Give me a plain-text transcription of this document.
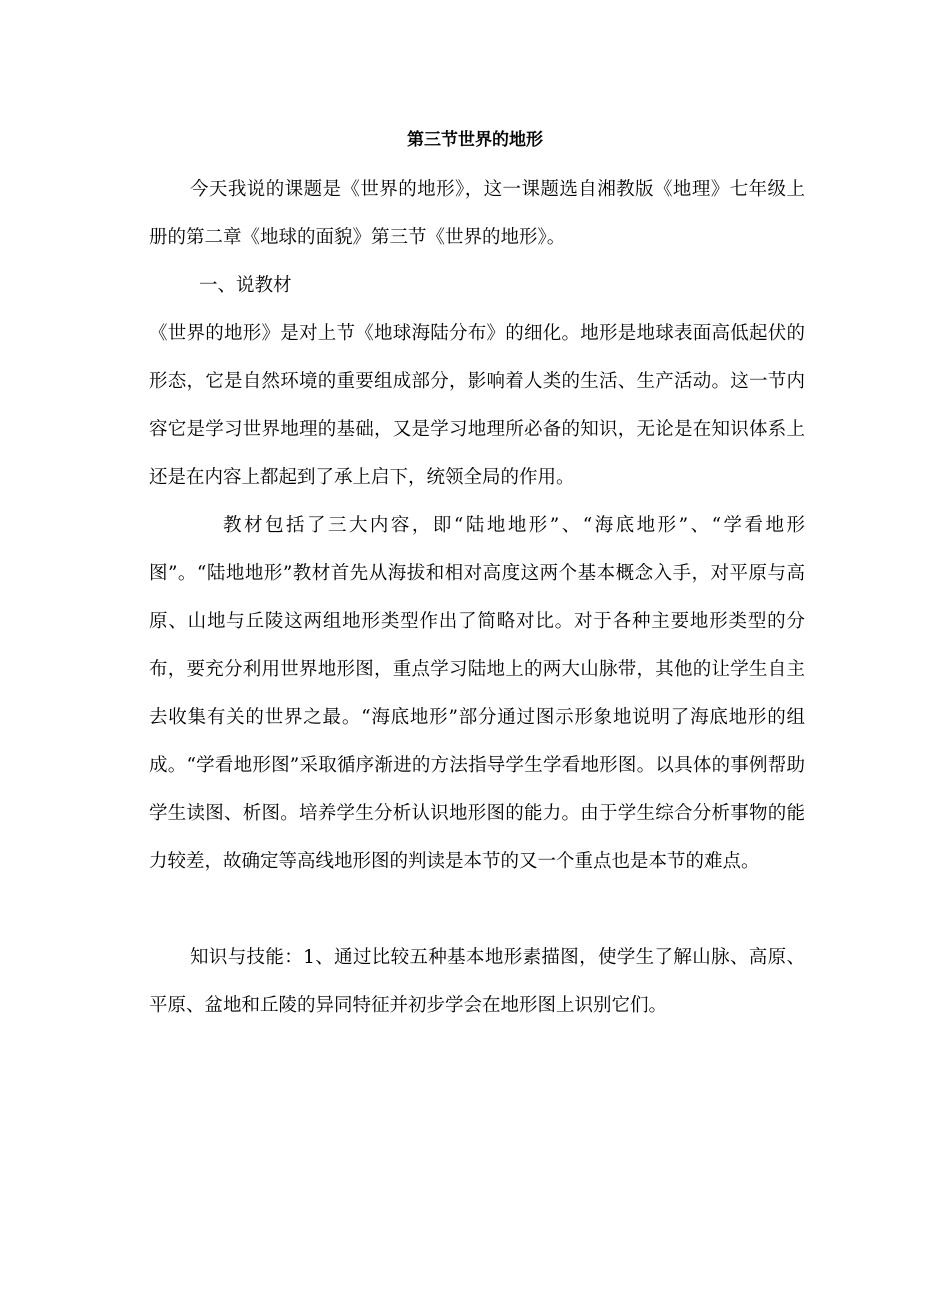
第三节世界的地形

今天我说的课题是《世界的地形》，这一课题选自湘教版《地理》七年级上册的第二章《地球的面貌》第三节《世界的地形》。

一、说教材

《世界的地形》是对上节《地球海陆分布》的细化。地形是地球表面高低起伏的形态，它是自然环境的重要组成部分，影响着人类的生活、生产活动。这一节内容它是学习世界地理的基础，又是学习地理所必备的知识，无论是在知识体系上还是在内容上都起到了承上启下，统领全局的作用。

教材包括了三大内容，即“陆地地形”、“海底地形”、“学看地形图”。“陆地地形”教材首先从海拔和相对高度这两个基本概念入手，对平原与高原、山地与丘陵这两组地形类型作出了简略对比。对于各种主要地形类型的分布，要充分利用世界地形图，重点学习陆地上的两大山脉带，其他的让学生自主去收集有关的世界之最。“海底地形”部分通过图示形象地说明了海底地形的组成。“学看地形图”采取循序渐进的方法指导学生学看地形图。以具体的事例帮助学生读图、析图。培养学生分析认识地形图的能力。由于学生综合分析事物的能力较差，故确定等高线地形图的判读是本节的又一个重点也是本节的难点。

知识与技能：1、通过比较五种基本地形素描图，使学生了解山脉、高原、平原、盆地和丘陵的异同特征并初步学会在地形图上识别它们。
